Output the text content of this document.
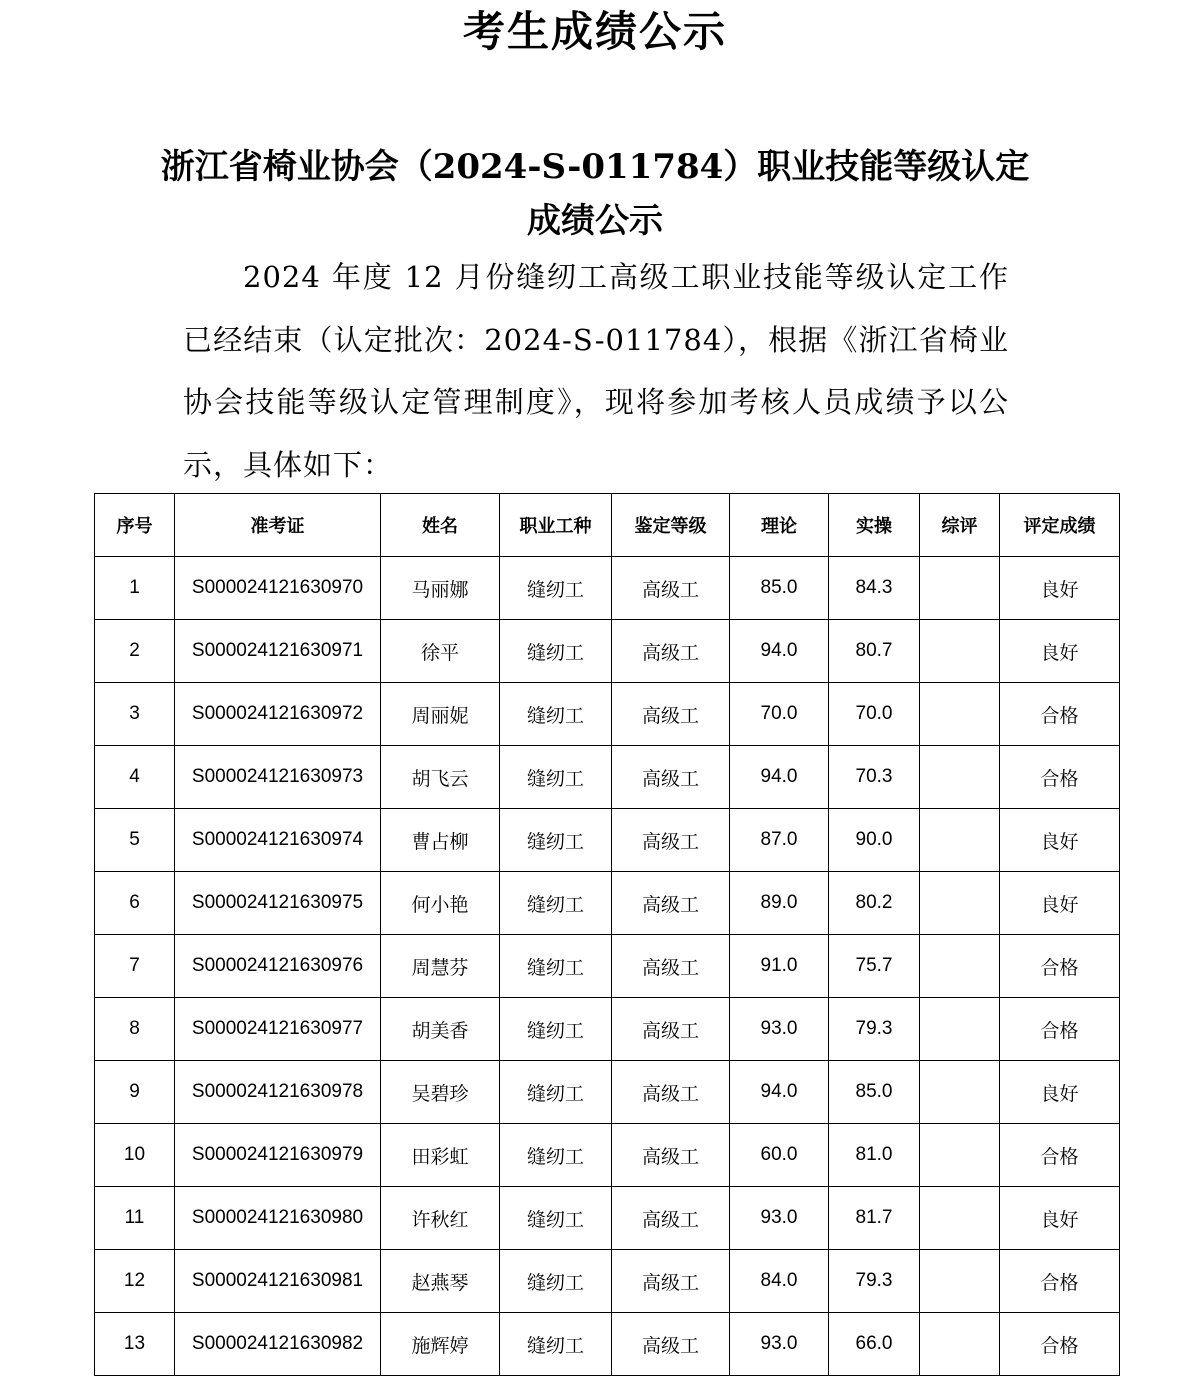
考生成绩公示
浙江省椅业协会（2024-S-011784）职业技能等级认定成绩公示
2024 年度 12 月份缝纫工高级工职业技能等级认定工作已经结束（认定批次：2024-S-011784），根据《浙江省椅业协会技能等级认定管理制度》，现将参加考核人员成绩予以公示，具体如下：
序号	准考证	姓名	职业工种	鉴定等级	理论	实操	综评	评定成绩
1	S000024121630970	马丽娜	缝纫工	高级工	85.0	84.3		良好
2	S000024121630971	徐平	缝纫工	高级工	94.0	80.7		良好
3	S000024121630972	周丽妮	缝纫工	高级工	70.0	70.0		合格
4	S000024121630973	胡飞云	缝纫工	高级工	94.0	70.3		合格
5	S000024121630974	曹占柳	缝纫工	高级工	87.0	90.0		良好
6	S000024121630975	何小艳	缝纫工	高级工	89.0	80.2		良好
7	S000024121630976	周慧芬	缝纫工	高级工	91.0	75.7		合格
8	S000024121630977	胡美香	缝纫工	高级工	93.0	79.3		合格
9	S000024121630978	吴碧珍	缝纫工	高级工	94.0	85.0		良好
10	S000024121630979	田彩虹	缝纫工	高级工	60.0	81.0		合格
11	S000024121630980	许秋红	缝纫工	高级工	93.0	81.7		良好
12	S000024121630981	赵燕琴	缝纫工	高级工	84.0	79.3		合格
13	S000024121630982	施辉婷	缝纫工	高级工	93.0	66.0		合格
